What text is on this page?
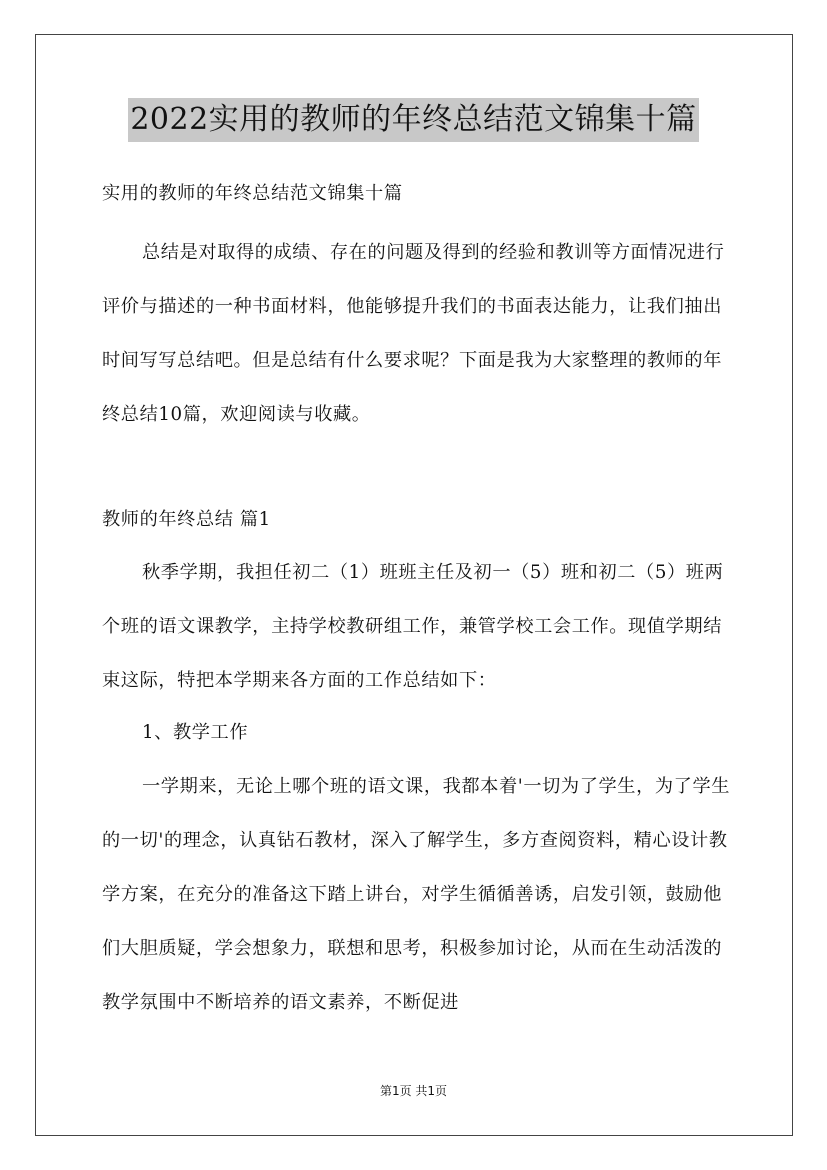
2022实用的教师的年终总结范文锦集十篇

实用的教师的年终总结范文锦集十篇

总结是对取得的成绩、存在的问题及得到的经验和教训等方面情况进行评价与描述的一种书面材料，他能够提升我们的书面表达能力，让我们抽出时间写写总结吧。但是总结有什么要求呢？下面是我为大家整理的教师的年终总结10篇，欢迎阅读与收藏。

教师的年终总结 篇1

秋季学期，我担任初二（1）班班主任及初一（5）班和初二（5）班两个班的语文课教学，主持学校教研组工作，兼管学校工会工作。现值学期结束这际，特把本学期来各方面的工作总结如下：

1、教学工作

一学期来，无论上哪个班的语文课，我都本着'一切为了学生，为了学生的一切'的理念，认真钻石教材，深入了解学生，多方查阅资料，精心设计教学方案，在充分的准备这下踏上讲台，对学生循循善诱，启发引领，鼓励他们大胆质疑，学会想象力，联想和思考，积极参加讨论，从而在生动活泼的教学氛围中不断培养的语文素养，不断促进

第1页 共1页
